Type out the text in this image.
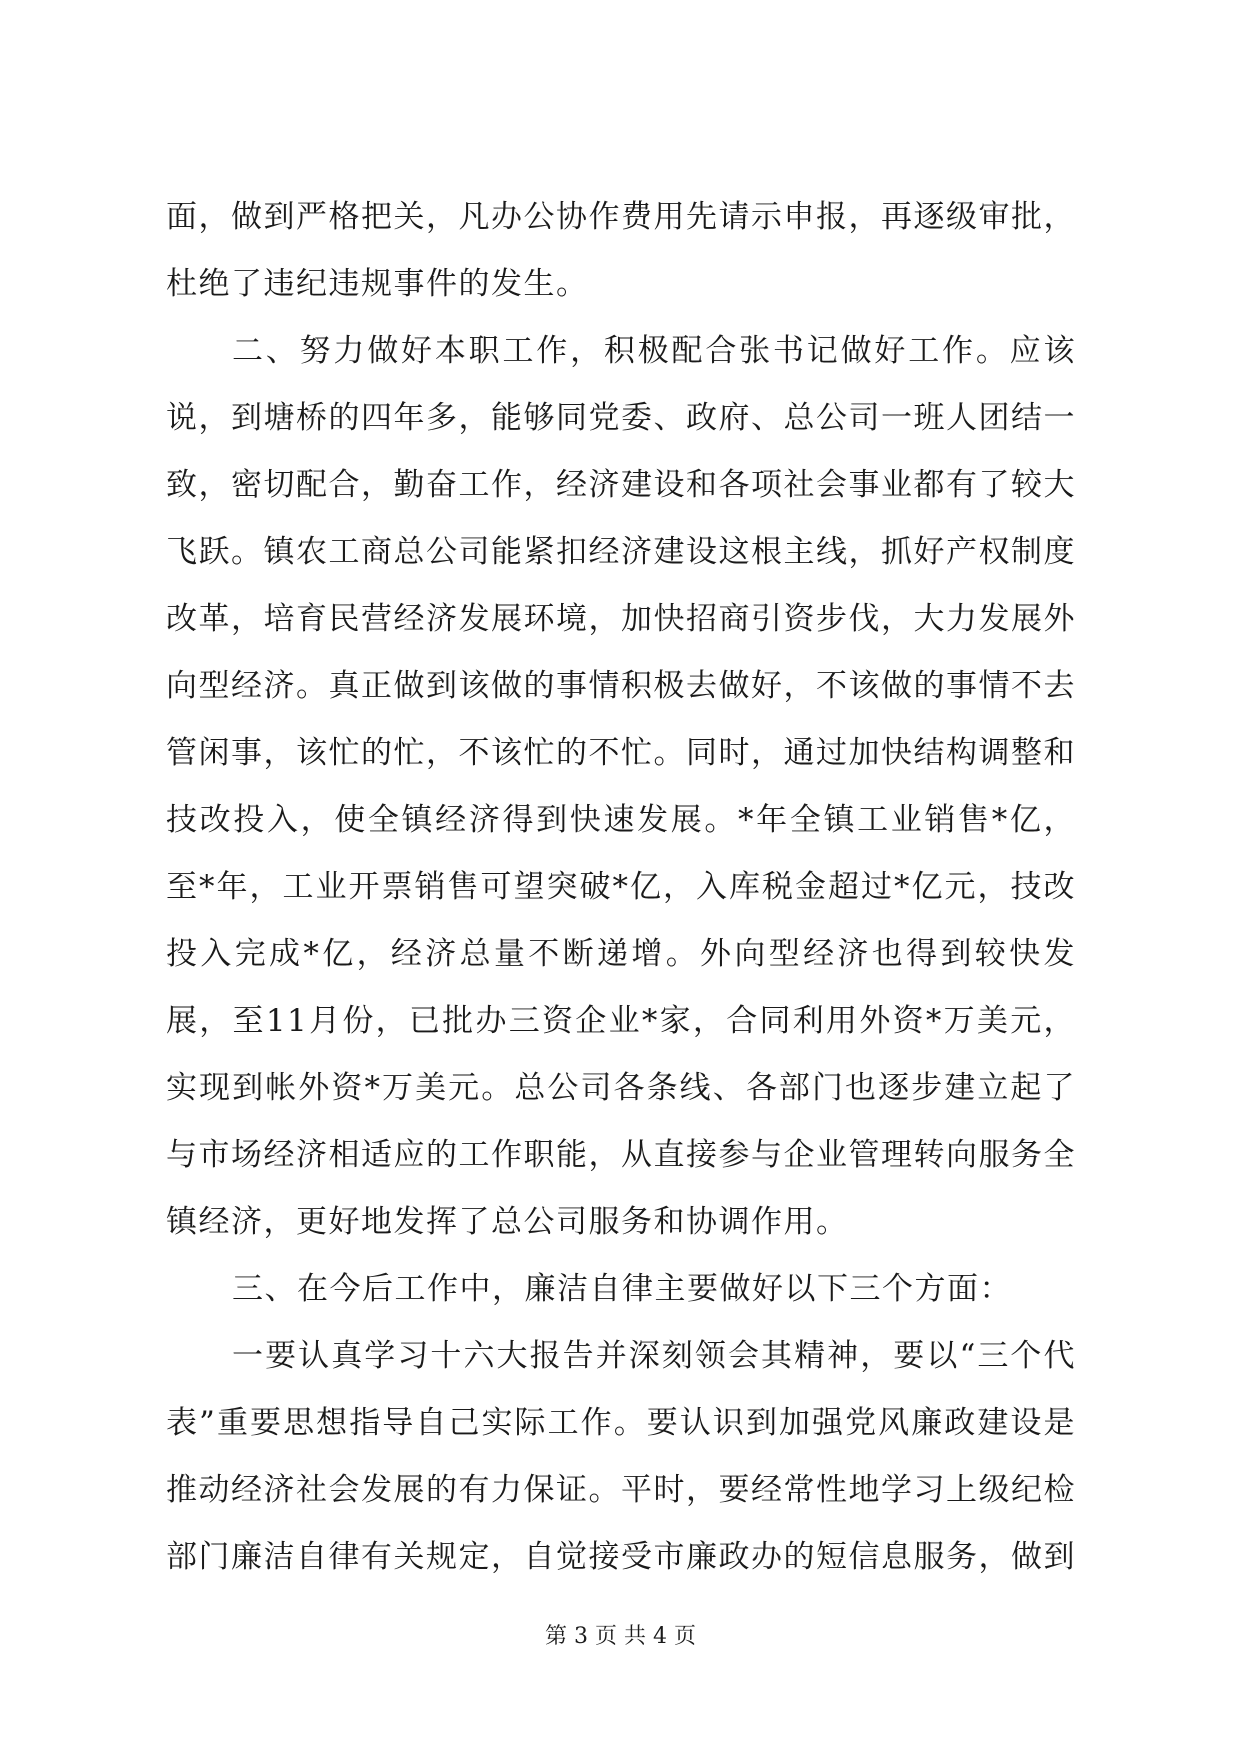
面，做到严格把关，凡办公协作费用先请示申报，再逐级审批，杜绝了违纪违规事件的发生。

二、努力做好本职工作，积极配合张书记做好工作。应该说，到塘桥的四年多，能够同党委、政府、总公司一班人团结一致，密切配合，勤奋工作，经济建设和各项社会事业都有了较大飞跃。镇农工商总公司能紧扣经济建设这根主线，抓好产权制度改革，培育民营经济发展环境，加快招商引资步伐，大力发展外向型经济。真正做到该做的事情积极去做好，不该做的事情不去管闲事，该忙的忙，不该忙的不忙。同时，通过加快结构调整和技改投入，使全镇经济得到快速发展。*年全镇工业销售*亿，至*年，工业开票销售可望突破*亿，入库税金超过*亿元，技改投入完成*亿，经济总量不断递增。外向型经济也得到较快发展，至11月份，已批办三资企业*家，合同利用外资*万美元，实现到帐外资*万美元。总公司各条线、各部门也逐步建立起了与市场经济相适应的工作职能，从直接参与企业管理转向服务全镇经济，更好地发挥了总公司服务和协调作用。

三、在今后工作中，廉洁自律主要做好以下三个方面：

一要认真学习十六大报告并深刻领会其精神，要以“三个代表”重要思想指导自己实际工作。要认识到加强党风廉政建设是推动经济社会发展的有力保证。平时，要经常性地学习上级纪检部门廉洁自律有关规定，自觉接受市廉政办的短信息服务，做到

第 3 页 共 4 页
